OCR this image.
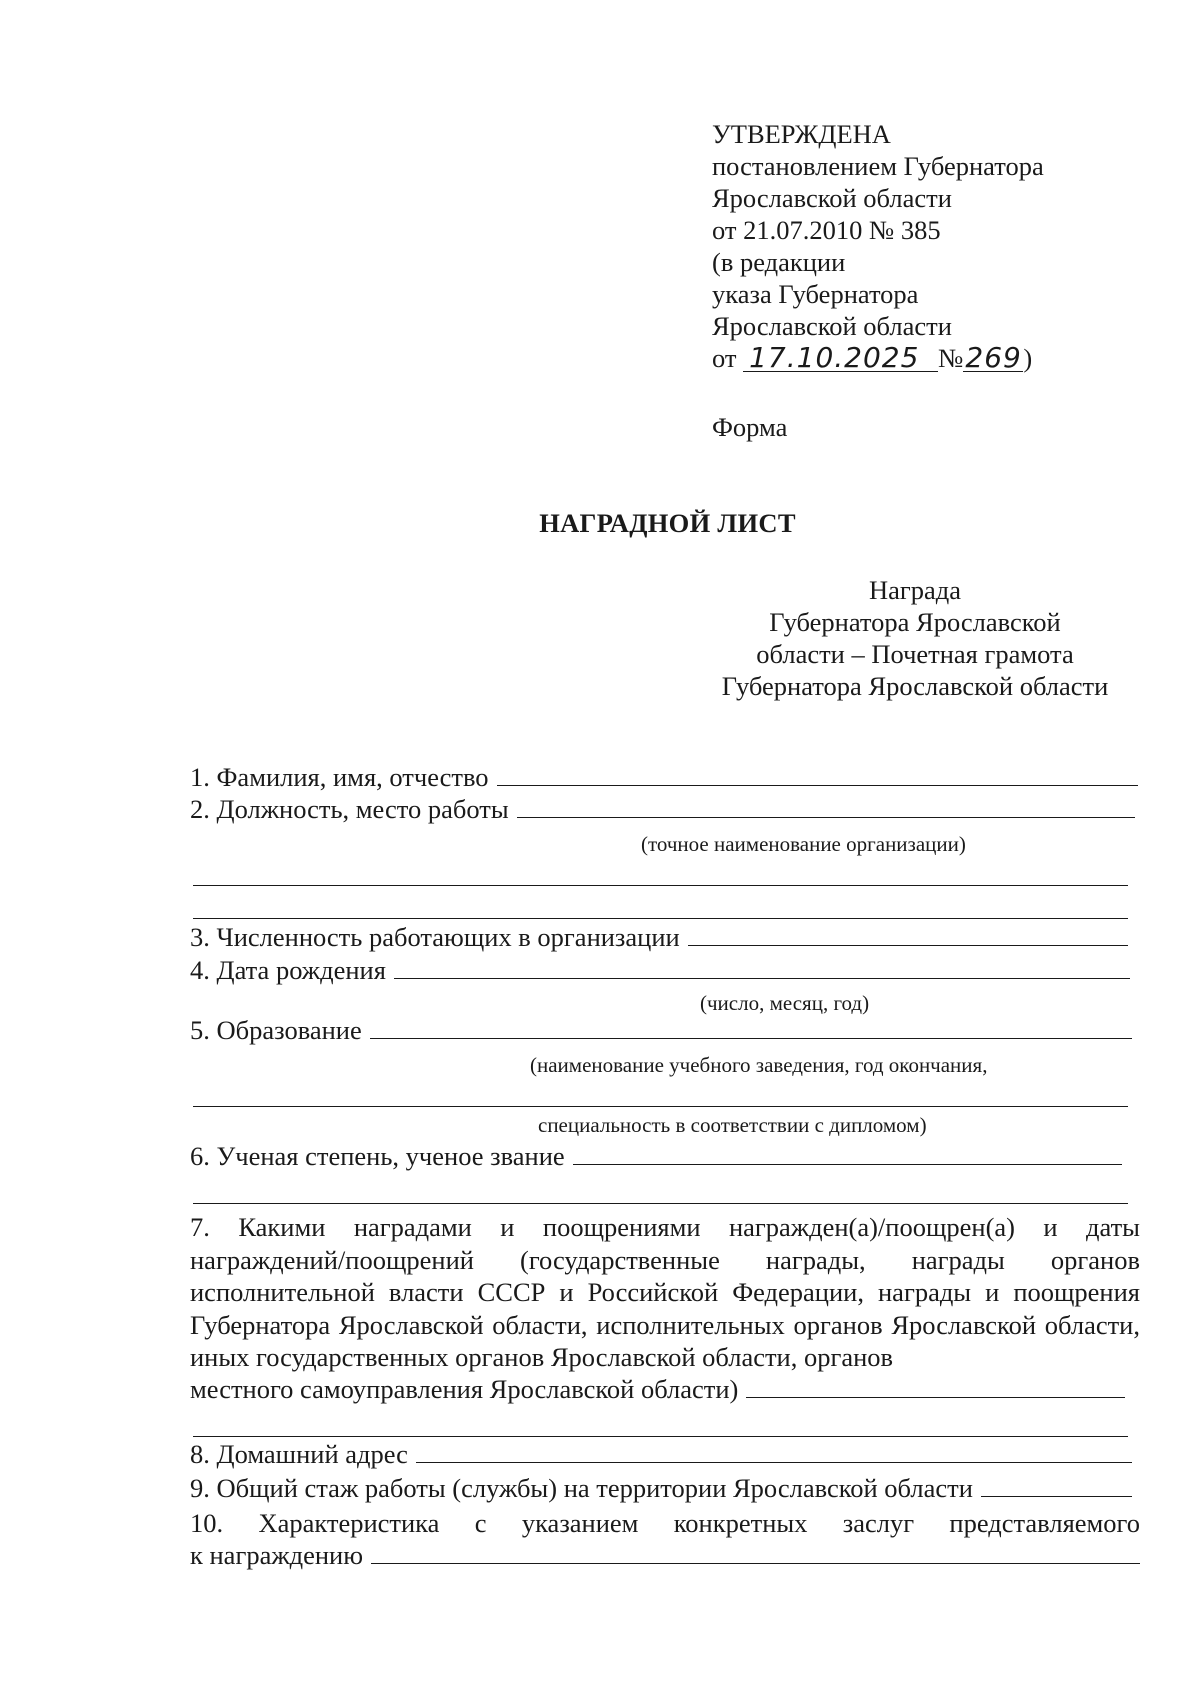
УТВЕРЖДЕНА
постановлением Губернатора
Ярославской области
от 21.07.2010 № 385
(в редакции
указа Губернатора
Ярославской области
от 17.10.2025 №269)
Форма
НАГРАДНОЙ ЛИСТ
Награда
Губернатора Ярославской
области – Почетная грамота
Губернатора Ярославской области
1. Фамилия, имя, отчество
2. Должность, место работы
(точное наименование организации)
3. Численность работающих в организации
4. Дата рождения
(число, месяц, год)
5. Образование
(наименование учебного заведения, год окончания,
специальность в соответствии с дипломом)
6. Ученая степень, ученое звание
7. Какими наградами и поощрениями награжден(а)/поощрен(а) и даты награждений/поощрений (государственные награды, награды органов исполнительной власти СССР и Российской Федерации, награды и поощрения Губернатора Ярославской области, исполнительных органов Ярославской области, иных государственных органов Ярославской области, органов
местного самоуправления Ярославской области)
8. Домашний адрес
9. Общий стаж работы (службы) на территории Ярославской области
10. Характеристика с указанием конкретных заслуг представляемого
к награждению
